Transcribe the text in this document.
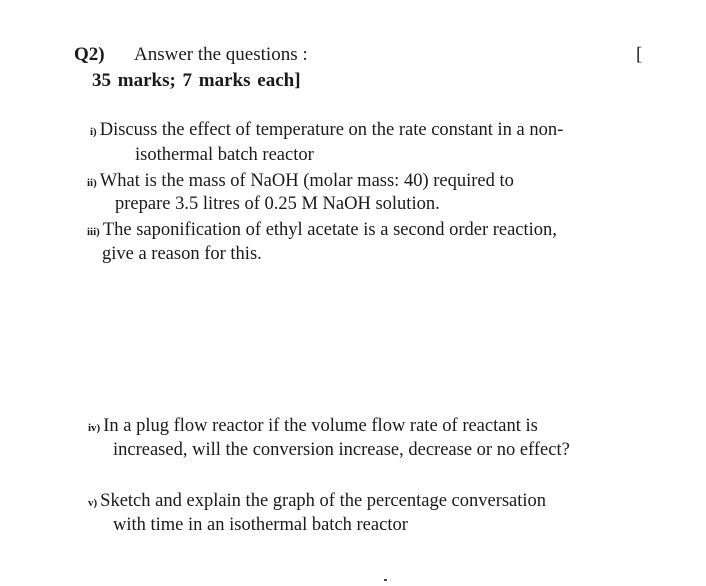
Q2) Answer the questions :	[
35 marks; 7 marks each]
i) Discuss the effect of temperature on the rate constant in a non-
isothermal batch reactor
ii) What is the mass of NaOH (molar mass: 40) required to
prepare 3.5 litres of 0.25 M NaOH solution.
iii) The saponification of ethyl acetate is a second order reaction,
give a reason for this.
iv) In a plug flow reactor if the volume flow rate of reactant is
increased, will the conversion increase, decrease or no effect?
v) Sketch and explain the graph of the percentage conversation
with time in an isothermal batch reactor
